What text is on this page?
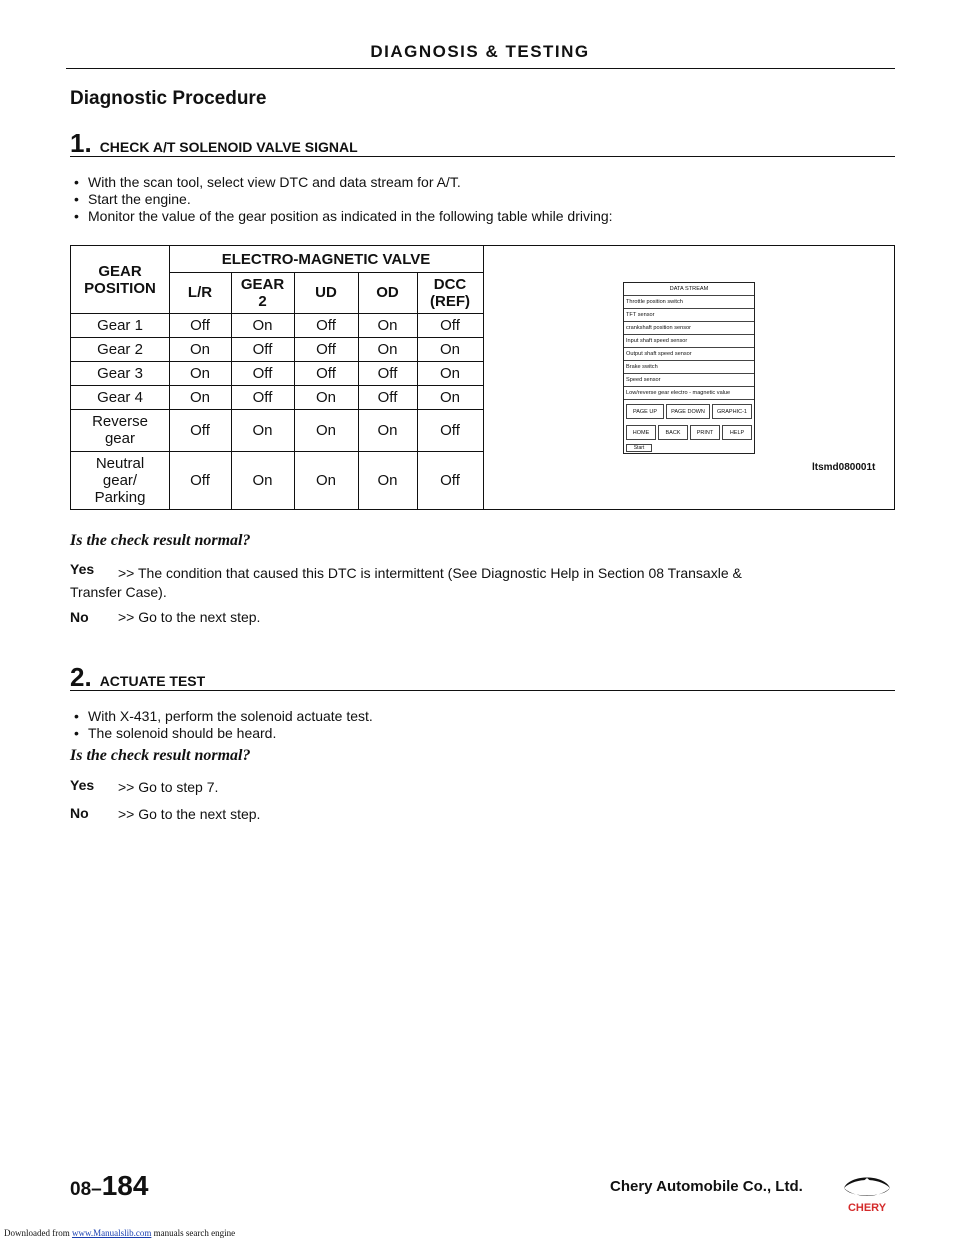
DIAGNOSIS & TESTING
Diagnostic Procedure
1. CHECK A/T SOLENOID VALVE SIGNAL
• With the scan tool, select view DTC and data stream for A/T.
• Start the engine.
• Monitor the value of the gear position as indicated in the following table while driving:
GEAR
POSITION
ELECTRO-MAGNETIC VALVE
L/R	GEAR
2	UD	OD	DCC
(REF)
Gear 1	Off	On	Off	On	Off
Gear 2	On	Off	Off	On	On
Gear 3	On	Off	Off	Off	On
Gear 4	On	Off	On	Off	On
Reverse
gear	Off	On	On	On	Off
Neutral
gear/
Parking
Off	On	On	On	Off
DATA STREAM
Throttle position switch
TFT sensor
crankshaft position sensor
Input shaft speed sensor
Output shaft speed sensor
Brake switch
Speed sensor
Low/reverse gear electro - magnetic value
PAGE UP	PAGE DOWN	GRAPHIC-1
HOME	BACK	PRINT	HELP
Start
ltsmd080001t
Is the check result normal?
Yes >> The condition that caused this DTC is intermittent (See Diagnostic Help in Section 08 Transaxle &
Transfer Case).
No >> Go to the next step.
2. ACTUATE TEST
• With X-431, perform the solenoid actuate test.
• The solenoid should be heard.
Is the check result normal?
Yes >> Go to step 7.
No >> Go to the next step.
08–184	Chery Automobile Co., Ltd.
CHERY
Downloaded from www.Manualslib.com manuals search engine
